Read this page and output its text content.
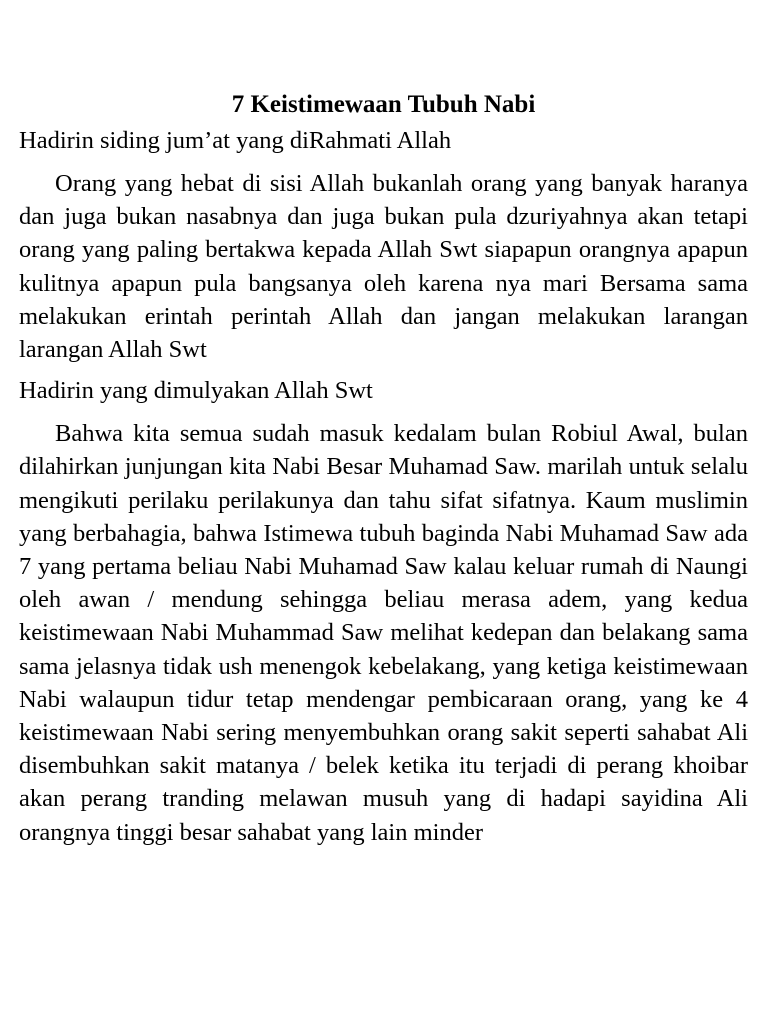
7 Keistimewaan Tubuh Nabi

Hadirin siding jum’at yang diRahmati Allah

Orang yang hebat di sisi Allah bukanlah orang yang banyak haranya dan juga bukan nasabnya dan juga bukan pula dzuriyahnya akan tetapi orang yang paling bertakwa kepada Allah Swt siapapun orangnya apapun kulitnya apapun pula bangsanya oleh karena nya mari Bersama sama melakukan erintah perintah Allah dan jangan melakukan larangan larangan Allah Swt

Hadirin yang dimulyakan Allah Swt

Bahwa kita semua sudah masuk kedalam bulan Robiul Awal, bulan dilahirkan junjungan kita Nabi Besar Muhamad Saw. marilah untuk selalu mengikuti perilaku perilakunya dan tahu sifat sifatnya. Kaum muslimin yang berbahagia, bahwa Istimewa tubuh baginda Nabi Muhamad Saw ada 7 yang pertama beliau Nabi Muhamad Saw kalau keluar rumah di Naungi oleh awan / mendung sehingga beliau merasa adem, yang kedua keistimewaan Nabi Muhammad Saw melihat kedepan dan belakang sama sama jelasnya tidak ush menengok kebelakang, yang ketiga keistimewaan Nabi walaupun tidur tetap mendengar pembicaraan orang, yang ke 4 keistimewaan Nabi sering menyembuhkan orang sakit seperti sahabat Ali disembuhkan sakit matanya / belek ketika itu terjadi di perang khoibar akan perang tranding melawan musuh yang di hadapi sayidina Ali orangnya tinggi besar sahabat yang lain minder
